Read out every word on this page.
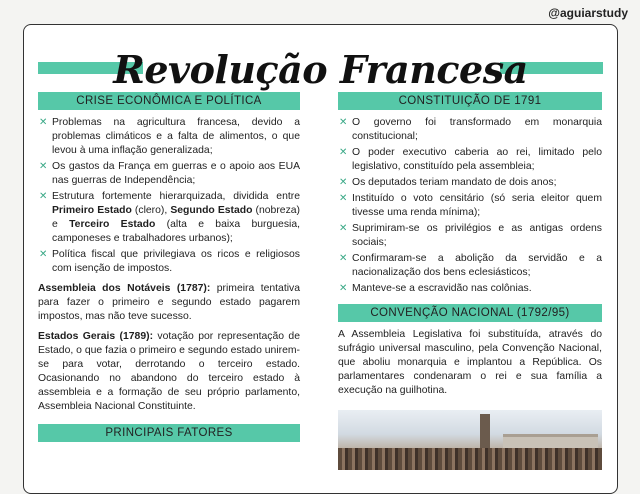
@aguiarstudy
Revolução Francesa
CRISE ECONÔMICA E POLÍTICA
✕ Problemas na agricultura francesa, devido a problemas climáticos e a falta de alimentos, o que levou à uma inflação generalizada;
✕ Os gastos da França em guerras e o apoio aos EUA nas guerras de Independência;
✕ Estrutura fortemente hierarquizada, dividida entre Primeiro Estado (clero), Segundo Estado (nobreza) e Terceiro Estado (alta e baixa burguesia, camponeses e trabalhadores urbanos);
✕ Política fiscal que privilegiava os ricos e religiosos com isenção de impostos.

Assembleia dos Notáveis (1787): primeira tentativa para fazer o primeiro e segundo estado pagarem impostos, mas não teve sucesso.

Estados Gerais (1789): votação por representação de Estado, o que fazia o primeiro e segundo estado unirem-se para votar, derrotando o terceiro estado. Ocasionando no abandono do terceiro estado à assembleia e a formação de seu próprio parlamento, Assembleia Nacional Constituinte.

PRINCIPAIS FATORES
CONSTITUIÇÃO DE 1791
✕ O governo foi transformado em monarquia constitucional;
✕ O poder executivo caberia ao rei, limitado pelo legislativo, constituído pela assembleia;
✕ Os deputados teriam mandato de dois anos;
✕ Instituído o voto censitário (só seria eleitor quem tivesse uma renda mínima);
✕ Suprimiram-se os privilégios e as antigas ordens sociais;
✕ Confirmaram-se a abolição da servidão e a nacionalização dos bens eclesiásticos;
✕ Manteve-se a escravidão nas colônias.
CONVENÇÃO NACIONAL (1792/95)

A Assembleia Legislativa foi substituída, através do sufrágio universal masculino, pela Convenção Nacional, que aboliu monarquia e implantou a República. Os parlamentares condenaram o rei e sua família a execução na guilhotina.
